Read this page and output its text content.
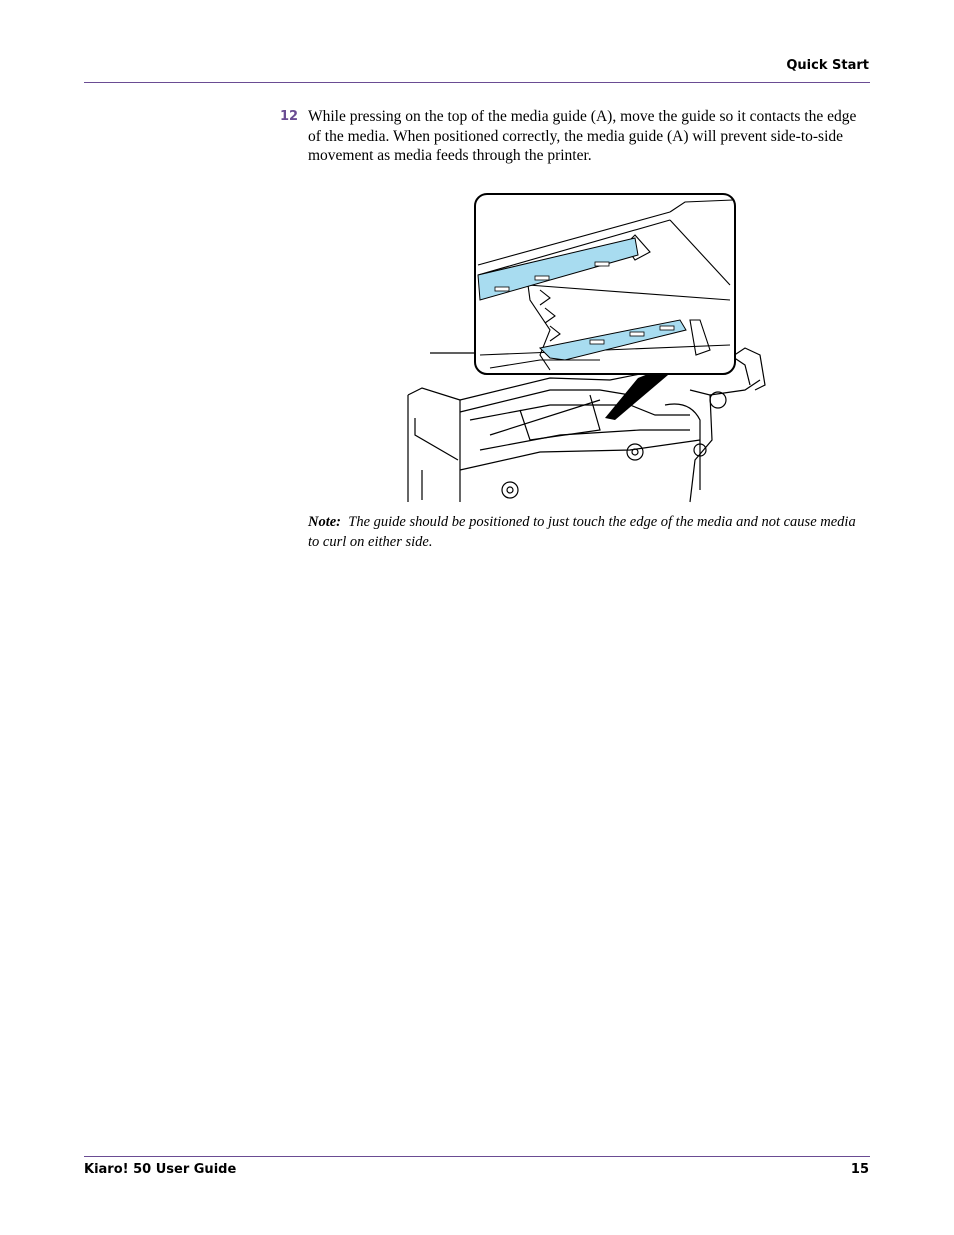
Quick Start
12 While pressing on the top of the media guide (A), move the guide so it contacts the edge of the media. When positioned correctly, the media guide (A) will prevent side-to-side movement as media feeds through the printer.
Note: The guide should be positioned to just touch the edge of the media and not cause media to curl on either side.
Kiaro! 50 User Guide	15
